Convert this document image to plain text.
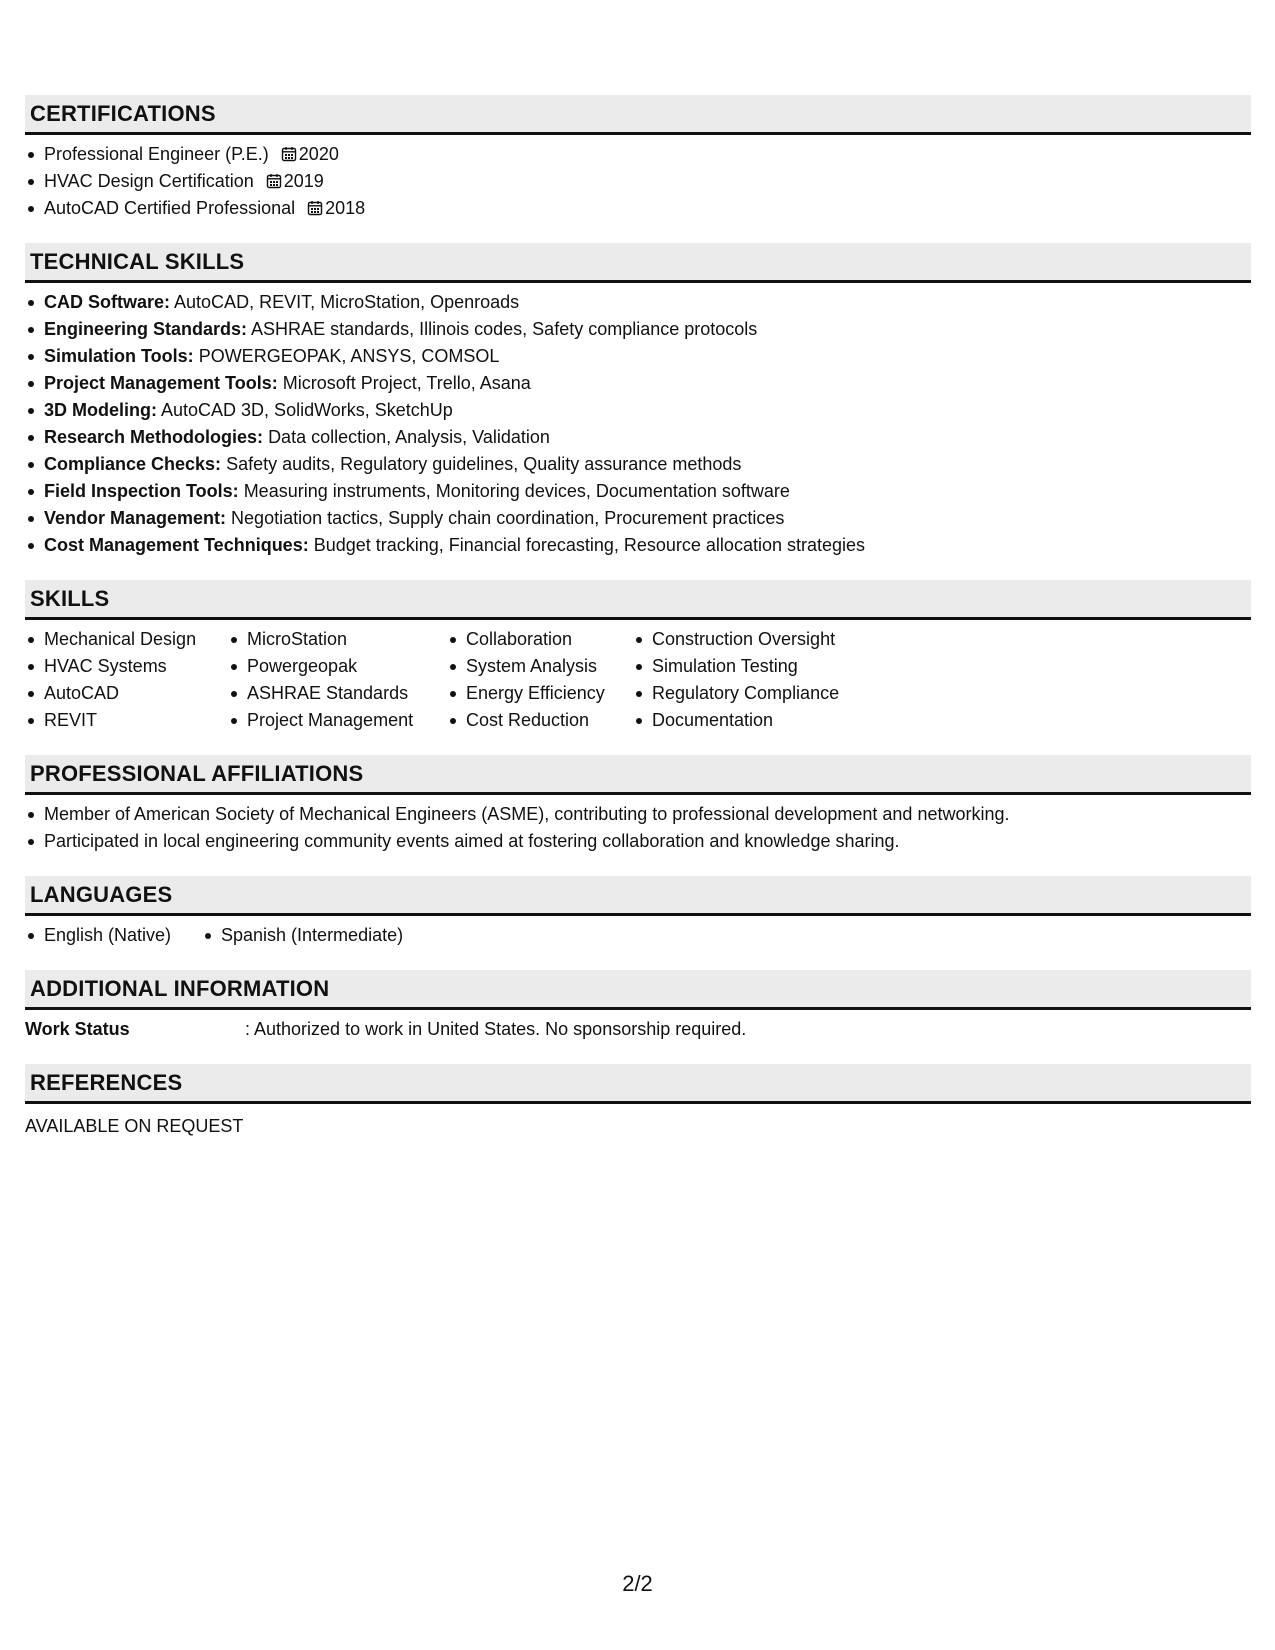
CERTIFICATIONS
Professional Engineer (P.E.) 2020
HVAC Design Certification 2019
AutoCAD Certified Professional 2018
TECHNICAL SKILLS
CAD Software: AutoCAD, REVIT, MicroStation, Openroads
Engineering Standards: ASHRAE standards, Illinois codes, Safety compliance protocols
Simulation Tools: POWERGEOPAK, ANSYS, COMSOL
Project Management Tools: Microsoft Project, Trello, Asana
3D Modeling: AutoCAD 3D, SolidWorks, SketchUp
Research Methodologies: Data collection, Analysis, Validation
Compliance Checks: Safety audits, Regulatory guidelines, Quality assurance methods
Field Inspection Tools: Measuring instruments, Monitoring devices, Documentation software
Vendor Management: Negotiation tactics, Supply chain coordination, Procurement practices
Cost Management Techniques: Budget tracking, Financial forecasting, Resource allocation strategies
SKILLS
Mechanical Design
HVAC Systems
AutoCAD
REVIT
MicroStation
Powergeopak
ASHRAE Standards
Project Management
Collaboration
System Analysis
Energy Efficiency
Cost Reduction
Construction Oversight
Simulation Testing
Regulatory Compliance
Documentation
PROFESSIONAL AFFILIATIONS
Member of American Society of Mechanical Engineers (ASME), contributing to professional development and networking.
Participated in local engineering community events aimed at fostering collaboration and knowledge sharing.
LANGUAGES
English (Native)	Spanish (Intermediate)
ADDITIONAL INFORMATION
Work Status	: Authorized to work in United States. No sponsorship required.
REFERENCES
AVAILABLE ON REQUEST
2/2
